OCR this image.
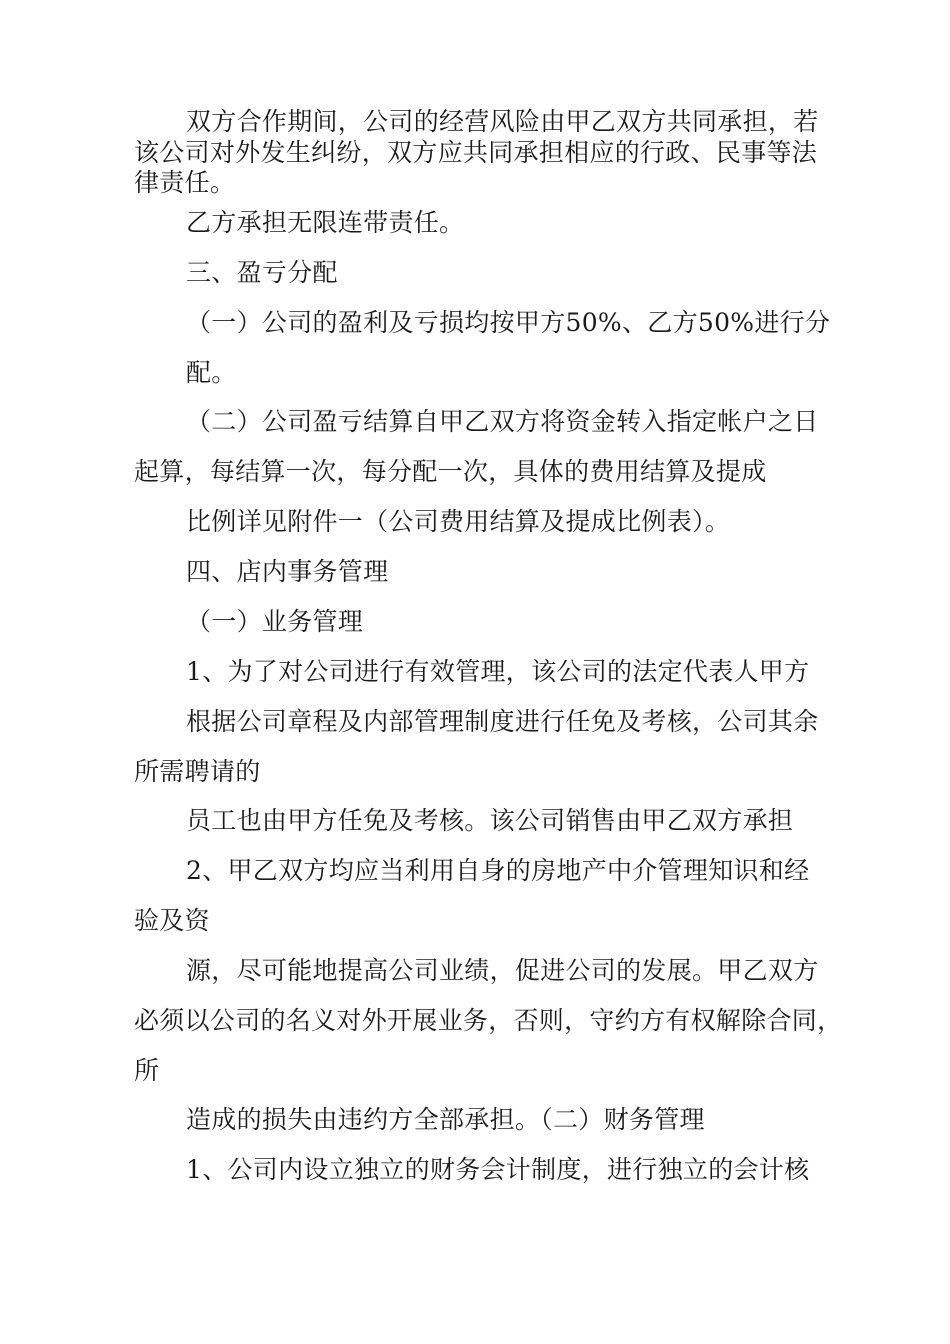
双方合作期间，公司的经营风险由甲乙双方共同承担，若
该公司对外发生纠纷，双方应共同承担相应的行政、民事等法
律责任。
乙方承担无限连带责任。
三、盈亏分配
（一）公司的盈利及亏损均按甲方50%、乙方50%进行分
配。
（二）公司盈亏结算自甲乙双方将资金转入指定帐户之日
起算，每结算一次，每分配一次，具体的费用结算及提成
比例详见附件一（公司费用结算及提成比例表）。
四、店内事务管理
（一）业务管理
1、为了对公司进行有效管理，该公司的法定代表人甲方
根据公司章程及内部管理制度进行任免及考核，公司其余
所需聘请的
员工也由甲方任免及考核。该公司销售由甲乙双方承担
2、甲乙双方均应当利用自身的房地产中介管理知识和经
验及资
源，尽可能地提高公司业绩，促进公司的发展。甲乙双方
必须以公司的名义对外开展业务，否则，守约方有权解除合同，
所
造成的损失由违约方全部承担。（二）财务管理
1、公司内设立独立的财务会计制度，进行独立的会计核
